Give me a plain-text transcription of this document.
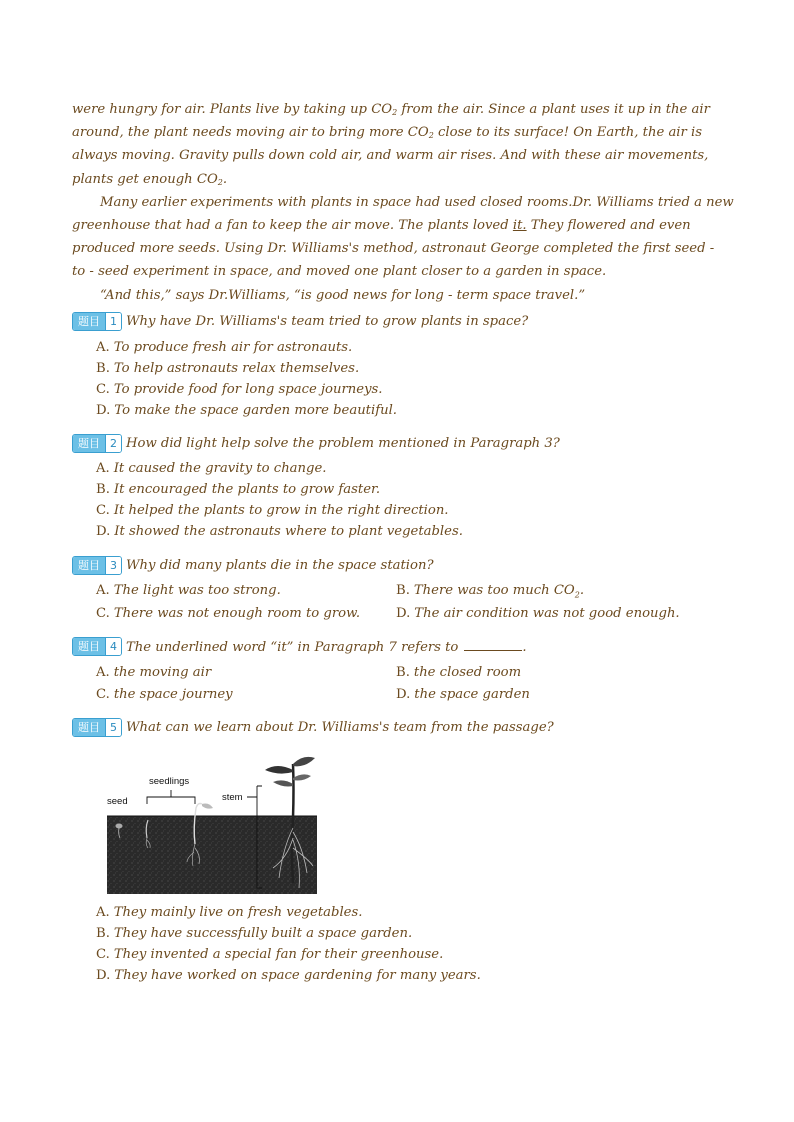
were hungry for air. Plants live by taking up $CO_2$ from the air. Since a plant uses it up in the air
around, the plant needs moving air to bring more $CO_2$ close to its surface! On Earth, the air is
always moving. Gravity pulls down cold air, and warm air rises. And with these air movements,
plants get enough $CO_2$.
Many earlier experiments with plants in space had used closed rooms.Dr. Williams tried a new
greenhouse that had a fan to keep the air move. The plants loved it. They flowered and even
produced more seeds. Using Dr. Williams's method, astronaut George completed the first seed -
to - seed experiment in space, and moved one plant closer to a garden in space.
“And this,” says Dr.Williams, “is good news for long - term space travel.”
题目 1 Why have Dr. Williams's team tried to grow plants in space?
A. To produce fresh air for astronauts.
B. To help astronauts relax themselves.
C. To provide food for long space journeys.
D. To make the space garden more beautiful.
题目 2 How did light help solve the problem mentioned in Paragraph 3?
A. It caused the gravity to change.
B. It encouraged the plants to grow faster.
C. It helped the plants to grow in the right direction.
D. It showed the astronauts where to plant vegetables.
题目 3 Why did many plants die in the space station?
A. The light was too strong.	B. There was too much $CO_2$.
C. There was not enough room to grow.	D. The air condition was not good enough.
题目 4 The underlined word “it” in Paragraph 7 refers to	.
A. the moving air	B. the closed room
C. the space journey	D. the space garden
题目 5 What can we learn about Dr. Williams's team from the passage?
seedlings
seed	stem
A. They mainly live on fresh vegetables.
B. They have successfully built a space garden.
C. They invented a special fan for their greenhouse.
D. They have worked on space gardening for many years.
